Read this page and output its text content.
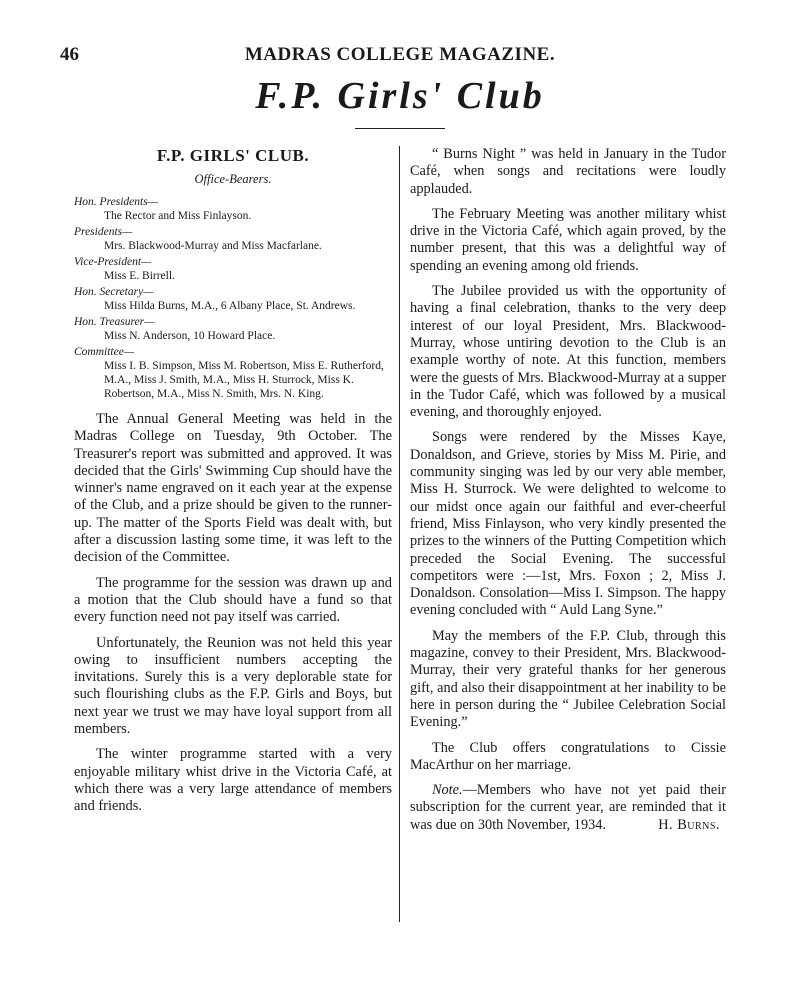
46	MADRAS COLLEGE MAGAZINE.
F.P. Girls' Club
F.P. GIRLS' CLUB.
Office-Bearers.
Hon. Presidents—
The Rector and Miss Finlayson.
Presidents—
Mrs. Blackwood-Murray and Miss Macfarlane.
Vice-President—
Miss E. Birrell.
Hon. Secretary—
Miss Hilda Burns, M.A., 6 Albany Place, St. Andrews.
Hon. Treasurer—
Miss N. Anderson, 10 Howard Place.
Committee—
Miss I. B. Simpson, Miss M. Robertson, Miss E. Rutherford, M.A., Miss J. Smith, M.A., Miss H. Sturrock, Miss K. Robertson, M.A., Miss N. Smith, Mrs. N. King.

The Annual General Meeting was held in the Madras College on Tuesday, 9th October. The Treasurer's report was submitted and approved. It was decided that the Girls' Swimming Cup should have the winner's name engraved on it each year at the expense of the Club, and a prize should be given to the runner-up. The matter of the Sports Field was dealt with, but after a discussion lasting some time, it was left to the decision of the Committee.

The programme for the session was drawn up and a motion that the Club should have a fund so that every function need not pay itself was carried.

Unfortunately, the Reunion was not held this year owing to insufficient numbers accepting the invitations. Surely this is a very deplorable state for such flourishing clubs as the F.P. Girls and Boys, but next year we trust we may have loyal support from all members.

The winter programme started with a very enjoyable military whist drive in the Victoria Café, at which there was a very large attendance of members and friends.

“ Burns Night ” was held in January in the Tudor Café, when songs and recitations were loudly applauded.

The February Meeting was another military whist drive in the Victoria Café, which again proved, by the number present, that this was a delightful way of spending an evening among old friends.

The Jubilee provided us with the opportunity of having a final celebration, thanks to the very deep interest of our loyal President, Mrs. Blackwood-Murray, whose untiring devotion to the Club is an example worthy of note. At this function, members were the guests of Mrs. Blackwood-Murray at a supper in the Tudor Café, which was followed by a musical evening, and thoroughly enjoyed.

Songs were rendered by the Misses Kaye, Donaldson, and Grieve, stories by Miss M. Pirie, and community singing was led by our very able member, Miss H. Sturrock. We were delighted to welcome to our midst once again our faithful and ever-cheerful friend, Miss Finlayson, who very kindly presented the prizes to the winners of the Putting Competition which preceded the Social Evening. The successful competitors were :—1st, Mrs. Foxon ; 2, Miss J. Donaldson. Consolation—Miss I. Simpson. The happy evening concluded with “ Auld Lang Syne.”

May the members of the F.P. Club, through this magazine, convey to their President, Mrs. Blackwood-Murray, their very grateful thanks for her generous gift, and also their disappointment at her inability to be here in person during the “ Jubilee Celebration Social Evening.”

The Club offers congratulations to Cissie MacArthur on her marriage.

Note.—Members who have not yet paid their subscription for the current year, are reminded that it was due on 30th November, 1934.	H. Burns.
